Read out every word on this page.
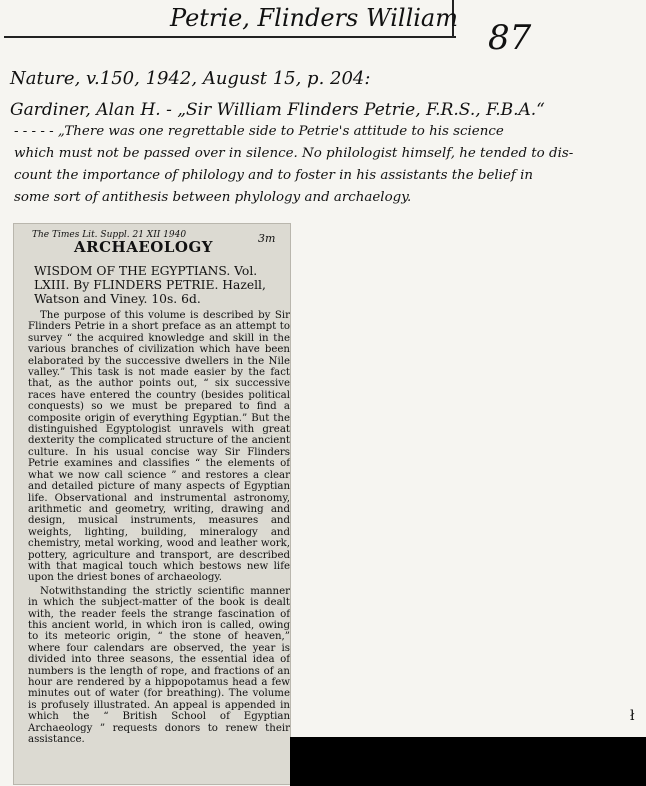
Petrie, Flinders William 87
Nature, v.150, 1942, August 15, p. 204:
Gardiner, Alan H. - „Sir William Flinders Petrie, F.R.S., F.B.A.“
- - - - - „There was one regrettable side to Petrie's attitude to his science
which must not be passed over in silence. No philologist himself, he tended to dis-
count the importance of philology and to foster in his assistants the belief in
some sort of antithesis between phylology and archaelogy.
The Times Lit. Suppl. 21 XII 1940	3m
ARCHAEOLOGY
WISDOM OF THE EGYPTIANS. Vol. LXIII. By FLINDERS PETRIE. Hazell, Watson and Viney. 10s. 6d.

The purpose of this volume is described by Sir Flinders Petrie in a short preface as an attempt to survey “ the acquired knowledge and skill in the various branches of civilization which have been elaborated by the successive dwellers in the Nile valley.” This task is not made easier by the fact that, as the author points out, “ six successive races have entered the country (besides political conquests) so we must be prepared to find a composite origin of everything Egyptian.” But the distinguished Egyptologist unravels with great dexterity the complicated structure of the ancient culture. In his usual concise way Sir Flinders Petrie examines and classifies “ the elements of what we now call science ” and restores a clear and detailed picture of many aspects of Egyptian life. Observational and instrumental astronomy, arithmetic and geometry, writing, drawing and design, musical instruments, measures and weights, lighting, building, mineralogy and chemistry, metal working, wood and leather work, pottery, agriculture and transport, are described with that magical touch which bestows new life upon the driest bones of archaeology.

Notwithstanding the strictly scientific manner in which the subject-matter of the book is dealt with, the reader feels the strange fascination of this ancient world, in which iron is called, owing to its meteoric origin, “ the stone of heaven,” where four calendars are observed, the year is divided into three seasons, the essential idea of numbers is the length of rope, and fractions of an hour are rendered by a hippopotamus head a few minutes out of water (for breathing). The volume is profusely illustrated. An appeal is appended in which the “ British School of Egyptian Archaeology ” requests donors to renew their assistance.

ł
